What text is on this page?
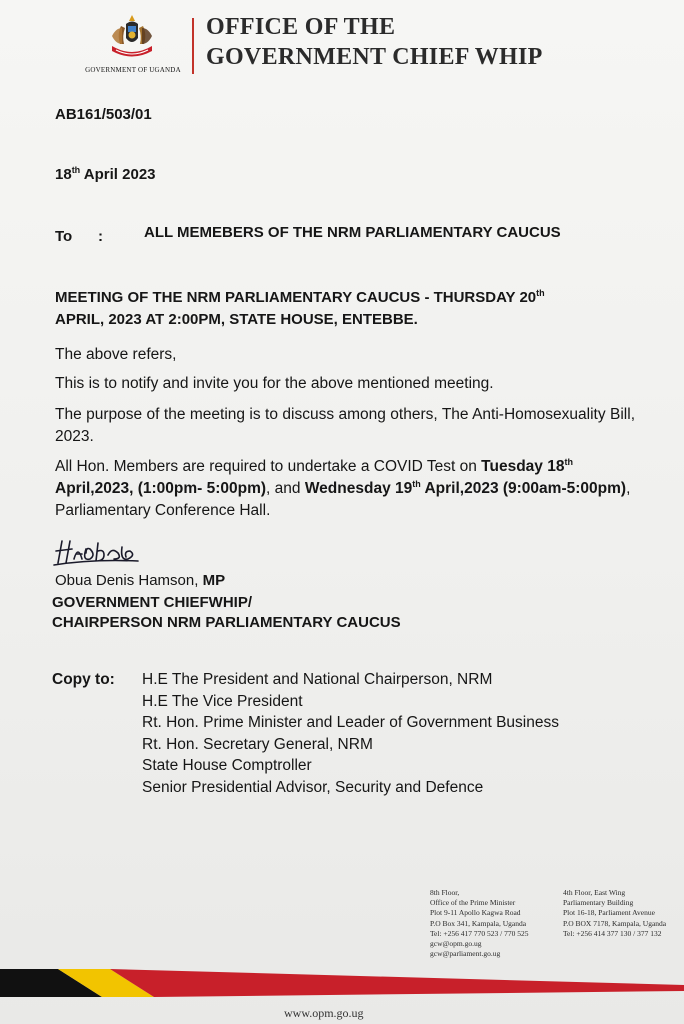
GOVERNMENT OF UGANDA
OFFICE OF THE
GOVERNMENT CHIEF WHIP
AB161/503/01
18th April 2023
To :	ALL MEMEBERS OF THE NRM PARLIAMENTARY CAUCUS
MEETING OF THE NRM PARLIAMENTARY CAUCUS - THURSDAY 20th
APRIL, 2023 AT 2:00PM, STATE HOUSE, ENTEBBE.
The above refers,
This is to notify and invite you for the above mentioned meeting.
The purpose of the meeting is to discuss among others, The Anti-Homosexuality Bill, 2023.
All Hon. Members are required to undertake a COVID Test on Tuesday 18th
April,2023, (1:00pm- 5:00pm), and Wednesday 19th April,2023 (9:00am-5:00pm), Parliamentary Conference Hall.
Obua Denis Hamson, MP
GOVERNMENT CHIEFWHIP/
CHAIRPERSON NRM PARLIAMENTARY CAUCUS
Copy to: H.E The President and National Chairperson, NRM
H.E The Vice President
Rt. Hon. Prime Minister and Leader of Government Business
Rt. Hon. Secretary General, NRM
State House Comptroller
Senior Presidential Advisor, Security and Defence
8th Floor,
Office of the Prime Minister
Plot 9-11 Apollo Kagwa Road
P.O Box 341, Kampala, Uganda
Tel: +256 417 770 523 / 770 525
gcw@opm.go.ug
gcw@parliament.go.ug
4th Floor, East Wing
Parliamentary Building
Plot 16-18, Parliament Avenue
P.O BOX 7178, Kampala, Uganda
Tel: +256 414 377 130 / 377 132
www.opm.go.ug
